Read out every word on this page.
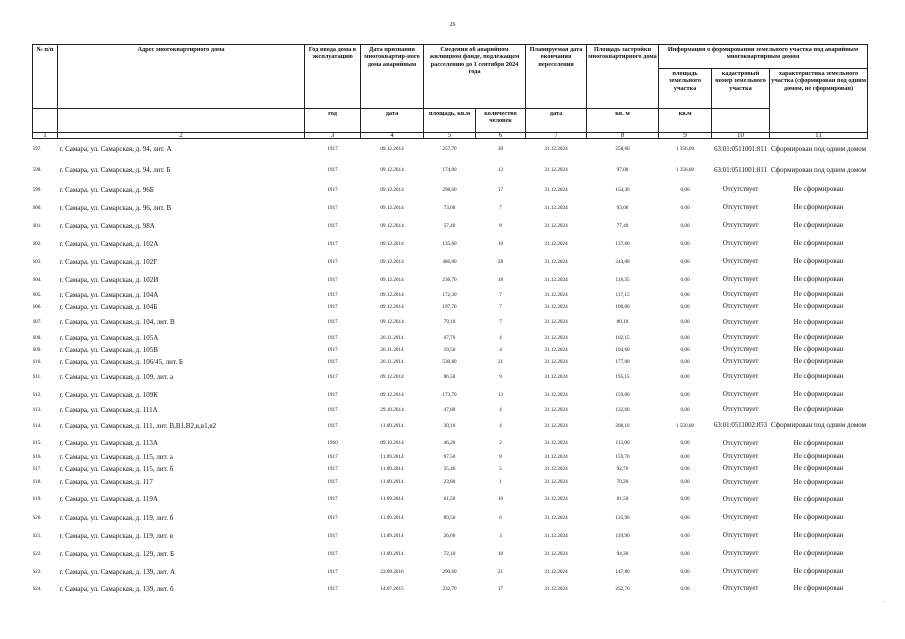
26
№ п/п	Адрес многоквартирного дома	Год ввода дома в эксплуатацию	Дата признания многоквартир-ного дома аварийным	Сведения об аварийном жилищном фонде, подлежащем расселению до 1 сентября 2024 года		Планируемая дата окончания переселения	Площадь застройки многоквартирного дома	Информация о формировании земельного участка под аварийным многоквартирным домом		
								площадь земельного участка	кадастровый номер земельного участка	характеристика земельного участка (сформирован под одним домом, не сформирован)
		год	дата	площадь, кв.м	количество человек	дата	кв. м	кв.м		
1	2	3	4	5	6	7	8	9	10	11
597.	г. Самара, ул. Самарская, д. 94, лит. А	1917	09.12.2014	257,70	30	31.12.2024	258,60	1 356,00	63:01:0511001:811	Сформирован под одним домом
598.	г. Самара, ул. Самарская, д. 94, лит. Б	1917	09.12.2014	174,00	13	31.12.2024	97,00	1 356,00	63:01:0511001:811	Сформирован под одним домом
599.	г. Самара, ул. Самарская, д. 96Б	1917	09.12.2014	298,60	17	31.12.2024	154,30	0,00	Отсутствует	Не сформирован
600.	г. Самара, ул. Самарская, д. 96, лит. В	1917	09.12.2014	73,00	7	31.12.2024	93,00	0,00	Отсутствует	Не сформирован
601.	г. Самара, ул. Самарская, д. 98А	1917	09.12.2014	57,40	8	31.12.2024	77,40	0,00	Отсутствует	Не сформирован
602.	г. Самара, ул. Самарская, д. 102А	1917	09.12.2014	135,60	10	31.12.2024	137,60	0,00	Отсутствует	Не сформирован
603.	г. Самара, ул. Самарская, д. 102Г	1917	09.12.2014	486,00	28	31.12.2024	244,00	0,00	Отсутствует	Не сформирован
604.	г. Самара, ул. Самарская, д. 102И	1917	09.12.2014	236,70	18	31.12.2024	118,35	0,00	Отсутствует	Не сформирован
605.	г. Самара, ул. Самарская, д. 104А	1917	09.12.2014	172,30	7	31.12.2024	117,15	0,00	Отсутствует	Не сформирован
606.	г. Самара, ул. Самарская, д. 104Б	1917	09.12.2014	197,70	7	31.12.2024	100,00	0,00	Отсутствует	Не сформирован
607.	г. Самара, ул. Самарская, д. 104, лит. В	1917	09.12.2014	79,10	7	31.12.2024	80,10	0,00	Отсутствует	Не сформирован
608.	г. Самара, ул. Самарская, д. 105А	1917	26.11.2014	67,70	4	31.12.2024	102,15	0,00	Отсутствует	Не сформирован
609.	г. Самара, ул. Самарская, д. 105В	1917	26.11.2014	19,50	4	31.12.2024	104,60	0,00	Отсутствует	Не сформирован
610.	г. Самара, ул. Самарская, д. 106/45, лит. Б	1917	26.11.2014	530,80	31	31.12.2024	177,00	0,00	Отсутствует	Не сформирован
611.	г. Самара, ул. Самарская, д. 109, лит. а	1917	09.12.2014	86,50	9	31.12.2024	195,15	0,00	Отсутствует	Не сформирован
612.	г. Самара, ул. Самарская, д. 109К	1917	09.12.2014	173,70	13	31.12.2024	159,00	0,00	Отсутствует	Не сформирован
613.	г. Самара, ул. Самарская, д. 111А	1917	29.10.2014	47,80	4	31.12.2024	132,60	0,00	Отсутствует	Не сформирован
614.	г. Самара, ул. Самарская, д. 111, лит. В,В1,В2,в,в1,в2	1917	11.09.2014	30,10	4	31.12.2024	208,10	1 550,00	63:01:0511002:853	Сформирован под одним домом
615.	г. Самара, ул. Самарская, д. 113А	1960	09.10.2014	46,20	2	31.12.2024	113,00	0,00	Отсутствует	Не сформирован
616.	г. Самара, ул. Самарская, д. 115, лит. а	1917	11.09.2014	97,50	8	31.12.2024	159,70	0,00	Отсутствует	Не сформирован
617.	г. Самара, ул. Самарская, д. 115, лит. б	1917	11.09.2014	25,40	5	31.12.2024	92,70	0,00	Отсутствует	Не сформирован
618.	г. Самара, ул. Самарская, д. 117	1917	11.09.2014	23,80	1	31.12.2024	70,20	0,00	Отсутствует	Не сформирован
619.	г. Самара, ул. Самарская, д. 119А	1917	11.09.2014	61,50	10	31.12.2024	81,50	0,00	Отсутствует	Не сформирован
620.	г. Самара, ул. Самарская, д. 119, лит. б	1917	11.09.2014	89,50	6	31.12.2024	135,90	0,00	Отсутствует	Не сформирован
621.	г. Самара, ул. Самарская, д. 119, лит. в	1917	11.09.2014	26,60	3	31.12.2024	119,90	0,00	Отсутствует	Не сформирован
622.	г. Самара, ул. Самарская, д. 129, лит. Б	1917	11.09.2014	72,10	10	31.12.2024	94,30	0,00	Отсутствует	Не сформирован
623.	г. Самара, ул. Самарская, д. 139, лит. А	1917	23.09.2016	290,60	21	31.12.2024	147,80	0,00	Отсутствует	Не сформирован
624.	г. Самара, ул. Самарская, д. 139, лит. б	1917	14.07.2015	232,70	17	31.12.2024	252,70	0,00	Отсутствует	Не сформирован
·
